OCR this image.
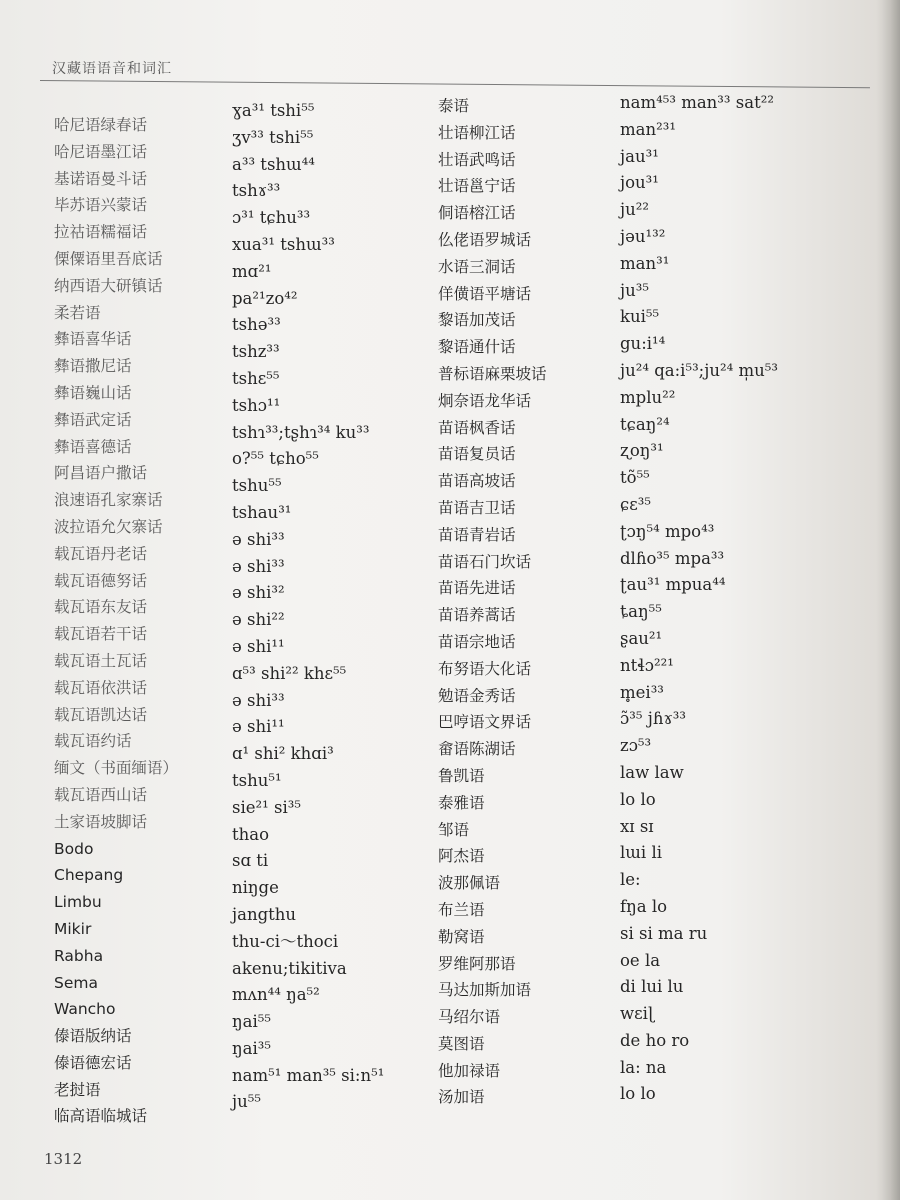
汉藏语语音和词汇
哈尼语绿春话
哈尼语墨江话
基诺语曼斗话
毕苏语兴蒙话
拉祜语糯福话
傈僳语里吾底话
纳西语大研镇话
柔若语
彝语喜华话
彝语撒尼话
彝语巍山话
彝语武定话
彝语喜德话
阿昌语户撒话
浪速语孔家寨话
波拉语允欠寨话
载瓦语丹老话
载瓦语德努话
载瓦语东友话
载瓦语若干话
载瓦语土瓦话
载瓦语依洪话
载瓦语凯达话
载瓦语约话
缅文（书面缅语）
载瓦语西山话
土家语坡脚话
Bodo
Chepang
Limbu
Mikir
Rabha
Sema
Wancho
傣语版纳话
傣语德宏话
老挝语
临高语临城话
ɣa³¹ tshi⁵⁵
ʒv³³ tshi⁵⁵
a³³ tshɯ⁴⁴
tshɤ³³
ɔ³¹ tɕhu³³
xua³¹ tshɯ³³
mɑ²¹
pa²¹zo⁴²
tshə³³
tshz³³
tshɛ⁵⁵
tshɔ¹¹
tshɿ³³;tʂhɿ³⁴ ku³³
o?⁵⁵ tɕho⁵⁵
tshu⁵⁵
tshau³¹
ə shi³³
ə shi³³
ə shi³²
ə shi²²
ə shi¹¹
ɑ⁵³ shi²² khɛ⁵⁵
ə shi³³
ə shi¹¹
ɑ¹ shi² khɑi³
tshu⁵¹
sie²¹ si³⁵
thao
sɑ ti
niŋge
jangthu
thu-ci～thoci
akenu;tikitiva
mʌn⁴⁴ ŋa⁵²
ŋai⁵⁵
ŋai³⁵
nam⁵¹ man³⁵ si:n⁵¹
ju⁵⁵
泰语
壮语柳江话
壮语武鸣话
壮语邕宁话
侗语榕江话
仫佬语罗城话
水语三洞话
佯僙语平塘话
黎语加茂话
黎语通什话
普标语麻栗坡话
炯奈语龙华话
苗语枫香话
苗语复员话
苗语高坡话
苗语吉卫话
苗语青岩话
苗语石门坎话
苗语先进话
苗语养蒿话
苗语宗地话
布努语大化话
勉语金秀话
巴哼语文界话
畲语陈湖话
鲁凯语
泰雅语
邹语
阿杰语
波那佩语
布兰语
勒窝语
罗维阿那语
马达加斯加语
马绍尔语
莫图语
他加禄语
汤加语
nam⁴⁵³ man³³ sat²²
man²³¹
jau³¹
jou³¹
ju²²
jəu¹³²
man³¹
ju³⁵
kui⁵⁵
gu:i¹⁴
ju²⁴ qa:i⁵³;ju²⁴ m̩u⁵³
mplu²²
tɕaŋ²⁴
ʐoŋ³¹
tõ⁵⁵
ɕɛ³⁵
ʈɔŋ⁵⁴ mpo⁴³
dlɦo³⁵ mpa³³
ʈau³¹ mpua⁴⁴
ȶaŋ⁵⁵
ʂau²¹
ntɬɔ²²¹
m̥ei³³
ɔ̃³⁵ jɦɤ³³
zɔ⁵³
law law
lo lo
xɪ sɪ
lɯi li
le:
fŋa lo
si si ma ru
oe la
di lui lu
wɛiɭ
de ho ro
la: na
lo lo
1312
